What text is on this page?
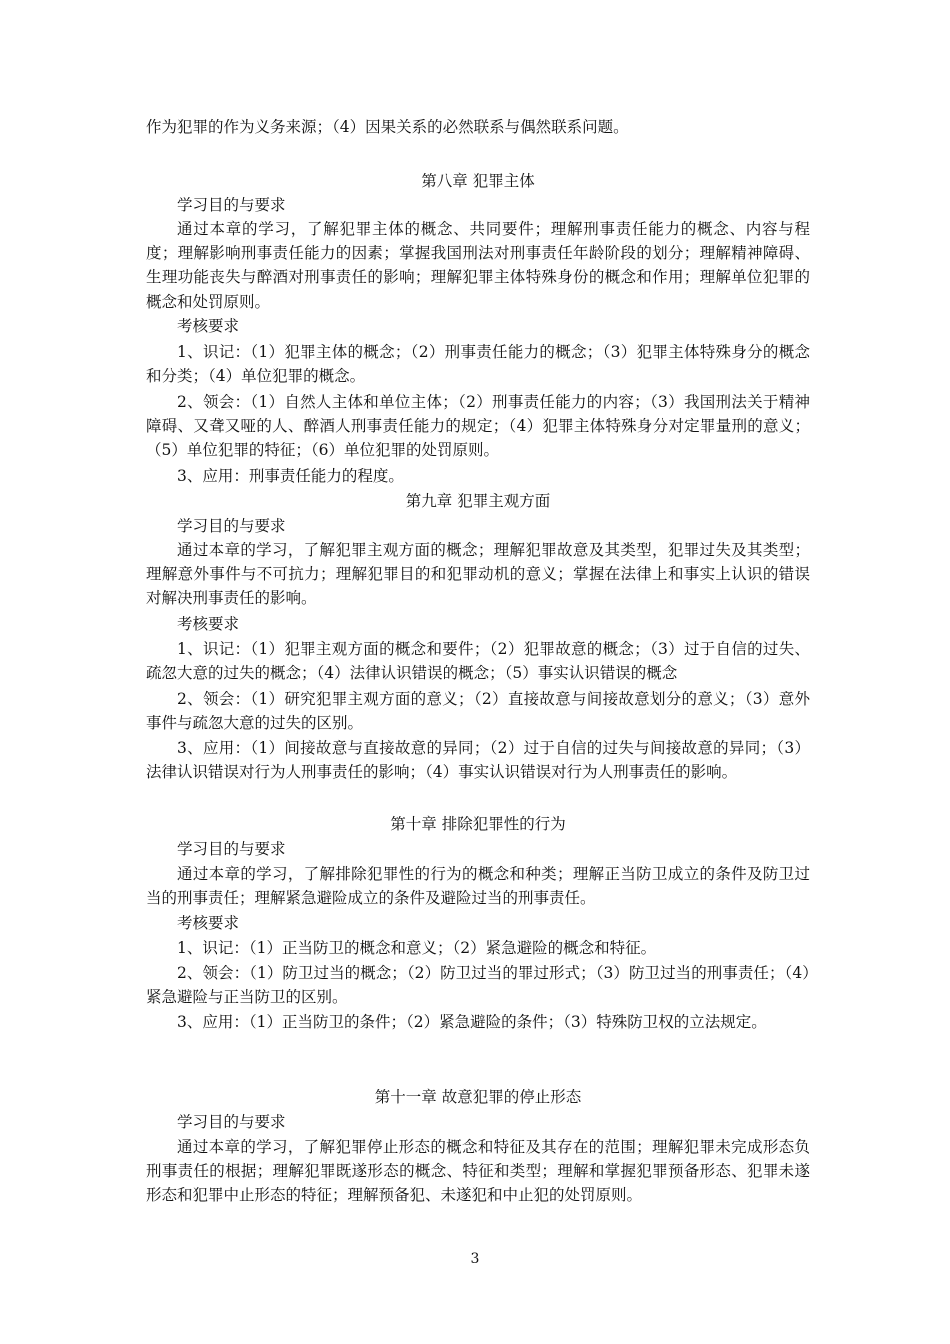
作为犯罪的作为义务来源；（4）因果关系的必然联系与偶然联系问题。

第八章 犯罪主体

学习目的与要求

通过本章的学习，了解犯罪主体的概念、共同要件；理解刑事责任能力的概念、内容与程度；理解影响刑事责任能力的因素；掌握我国刑法对刑事责任年龄阶段的划分；理解精神障碍、生理功能丧失与醉酒对刑事责任的影响；理解犯罪主体特殊身份的概念和作用；理解单位犯罪的概念和处罚原则。

考核要求

1、识记：（1）犯罪主体的概念；（2）刑事责任能力的概念；（3）犯罪主体特殊身分的概念和分类；（4）单位犯罪的概念。

2、领会：（1）自然人主体和单位主体；（2）刑事责任能力的内容；（3）我国刑法关于精神障碍、又聋又哑的人、醉酒人刑事责任能力的规定；（4）犯罪主体特殊身分对定罪量刑的意义；（5）单位犯罪的特征；（6）单位犯罪的处罚原则。

3、应用：刑事责任能力的程度。

第九章 犯罪主观方面

学习目的与要求

通过本章的学习，了解犯罪主观方面的概念；理解犯罪故意及其类型，犯罪过失及其类型；理解意外事件与不可抗力；理解犯罪目的和犯罪动机的意义；掌握在法律上和事实上认识的错误对解决刑事责任的影响。

考核要求

1、识记：（1）犯罪主观方面的概念和要件；（2）犯罪故意的概念；（3）过于自信的过失、疏忽大意的过失的概念；（4）法律认识错误的概念；（5）事实认识错误的概念

2、领会：（1）研究犯罪主观方面的意义；（2）直接故意与间接故意划分的意义；（3）意外事件与疏忽大意的过失的区别。

3、应用：（1）间接故意与直接故意的异同；（2）过于自信的过失与间接故意的异同；（3）法律认识错误对行为人刑事责任的影响；（4）事实认识错误对行为人刑事责任的影响。

第十章 排除犯罪性的行为

学习目的与要求

通过本章的学习，了解排除犯罪性的行为的概念和种类；理解正当防卫成立的条件及防卫过当的刑事责任；理解紧急避险成立的条件及避险过当的刑事责任。

考核要求

1、识记：（1）正当防卫的概念和意义；（2）紧急避险的概念和特征。

2、领会：（1）防卫过当的概念；（2）防卫过当的罪过形式；（3）防卫过当的刑事责任；（4）紧急避险与正当防卫的区别。

3、应用：（1）正当防卫的条件；（2）紧急避险的条件；（3）特殊防卫权的立法规定。

第十一章 故意犯罪的停止形态

学习目的与要求

通过本章的学习，了解犯罪停止形态的概念和特征及其存在的范围；理解犯罪未完成形态负刑事责任的根据；理解犯罪既遂形态的概念、特征和类型；理解和掌握犯罪预备形态、犯罪未遂形态和犯罪中止形态的特征；理解预备犯、未遂犯和中止犯的处罚原则。

3
